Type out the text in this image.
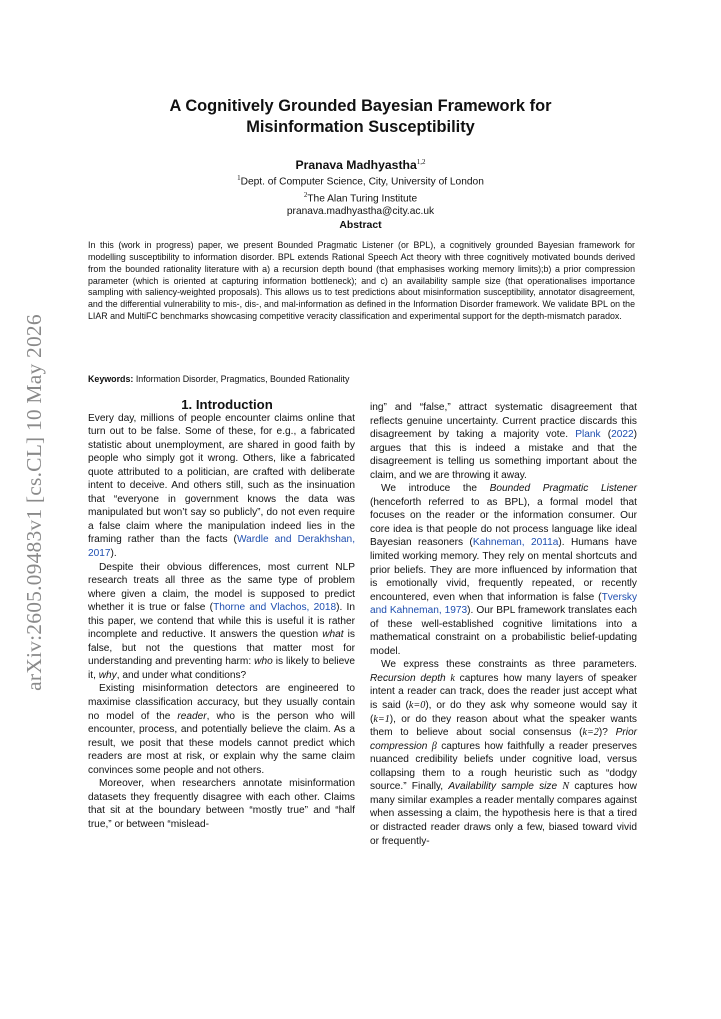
arXiv:2605.09483v1 [cs.CL] 10 May 2026
A Cognitively Grounded Bayesian Framework for
Misinformation Susceptibility
Pranava Madhyastha$^{1,2}$
$^1$Dept. of Computer Science, City, University of London
$^2$The Alan Turing Institute
pranava.madhyastha@city.ac.uk
Abstract
In this (work in progress) paper, we present Bounded Pragmatic Listener (or BPL), a cognitively grounded Bayesian framework for modelling susceptibility to information disorder. BPL extends Rational Speech Act theory with three cognitively motivated bounds derived from the bounded rationality literature with a) a recursion depth bound (that emphasises working memory limits);b) a prior compression parameter (which is oriented at capturing information bottleneck); and c) an availability sample size (that operationalises importance sampling with saliency-weighted proposals). This allows us to test predictions about misinformation susceptibility, annotator disagreement, and the differential vulnerability to mis-, dis-, and mal-information as defined in the Information Disorder framework. We validate BPL on the LIAR and MultiFC benchmarks showcasing competitive veracity classification and experimental support for the depth-mismatch paradox.
Keywords: Information Disorder, Pragmatics, Bounded Rationality

1. Introduction

Every day, millions of people encounter claims online that turn out to be false. Some of these, for e.g., a fabricated statistic about unemployment, are shared in good faith by people who simply got it wrong. Others, like a fabricated quote attributed to a politician, are crafted with deliberate intent to deceive. And others still, such as the insinuation that “everyone in government knows the data was manipulated but won’t say so publicly”, do not even require a false claim where the manipulation indeed lies in the framing rather than the facts (Wardle and Derakhshan, 2017).

Despite their obvious differences, most current NLP research treats all three as the same type of problem where given a claim, the model is supposed to predict whether it is true or false (Thorne and Vlachos, 2018). In this paper, we contend that while this is useful it is rather incomplete and reductive. It answers the question what is false, but not the questions that matter most for understanding and preventing harm: who is likely to believe it, why, and under what conditions?

Existing misinformation detectors are engineered to maximise classification accuracy, but they usually contain no model of the reader, who is the person who will encounter, process, and potentially believe the claim. As a result, we posit that these models cannot predict which readers are most at risk, or explain why the same claim convinces some people and not others.

Moreover, when researchers annotate misinformation datasets they frequently disagree with each other. Claims that sit at the boundary between “mostly true” and “half true,” or between “mislead-

ing” and “false,” attract systematic disagreement that reflects genuine uncertainty. Current practice discards this disagreement by taking a majority vote. Plank (2022) argues that this is indeed a mistake and that the disagreement is telling us something important about the claim, and we are throwing it away.

We introduce the Bounded Pragmatic Listener (henceforth referred to as BPL), a formal model that focuses on the reader or the information consumer. Our core idea is that people do not process language like ideal Bayesian reasoners (Kahneman, 2011a). Humans have limited working memory. They rely on mental shortcuts and prior beliefs. They are more influenced by information that is emotionally vivid, frequently repeated, or recently encountered, even when that information is false (Tversky and Kahneman, 1973). Our BPL framework translates each of these well-established cognitive limitations into a mathematical constraint on a probabilistic belief-updating model.

We express these constraints as three parameters. Recursion depth k captures how many layers of speaker intent a reader can track, does the reader just accept what is said (k=0), or do they ask why someone would say it (k=1), or do they reason about what the speaker wants them to believe about social consensus (k=2)? Prior compression β captures how faithfully a reader preserves nuanced credibility beliefs under cognitive load, versus collapsing them to a rough heuristic such as “dodgy source.” Finally, Availability sample size N captures how many similar examples a reader mentally compares against when assessing a claim, the hypothesis here is that a tired or distracted reader draws only a few, biased toward vivid or frequently-
